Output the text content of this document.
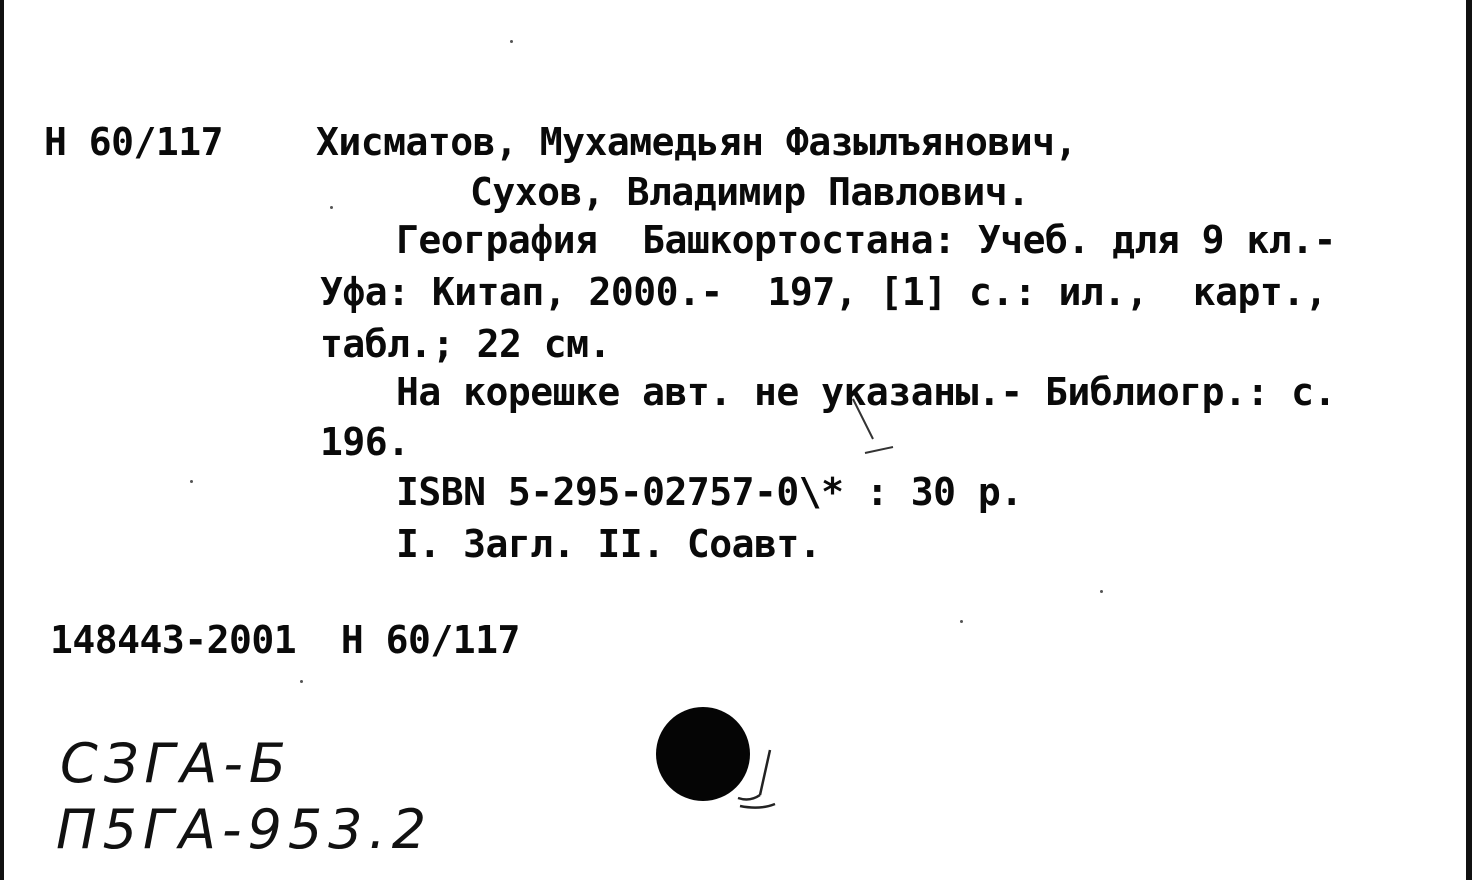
Н 60/117 Хисматов, Мухамедьян Фазылъянович,
Сухов, Владимир Павлович.
География  Башкортостана: Учеб. для 9 кл.-
Уфа: Китап, 2000.-  197, [1] с.: ил.,  карт.,
табл.; 22 см.
На корешке авт. не указаны.- Библиогр.: с.
196.
ISBN 5-295-02757-0\* : 30 р.
I. Загл. II. Соавт.
148443-2001  Н 60/117
СЗГА-Б
П5ГА-953.2
